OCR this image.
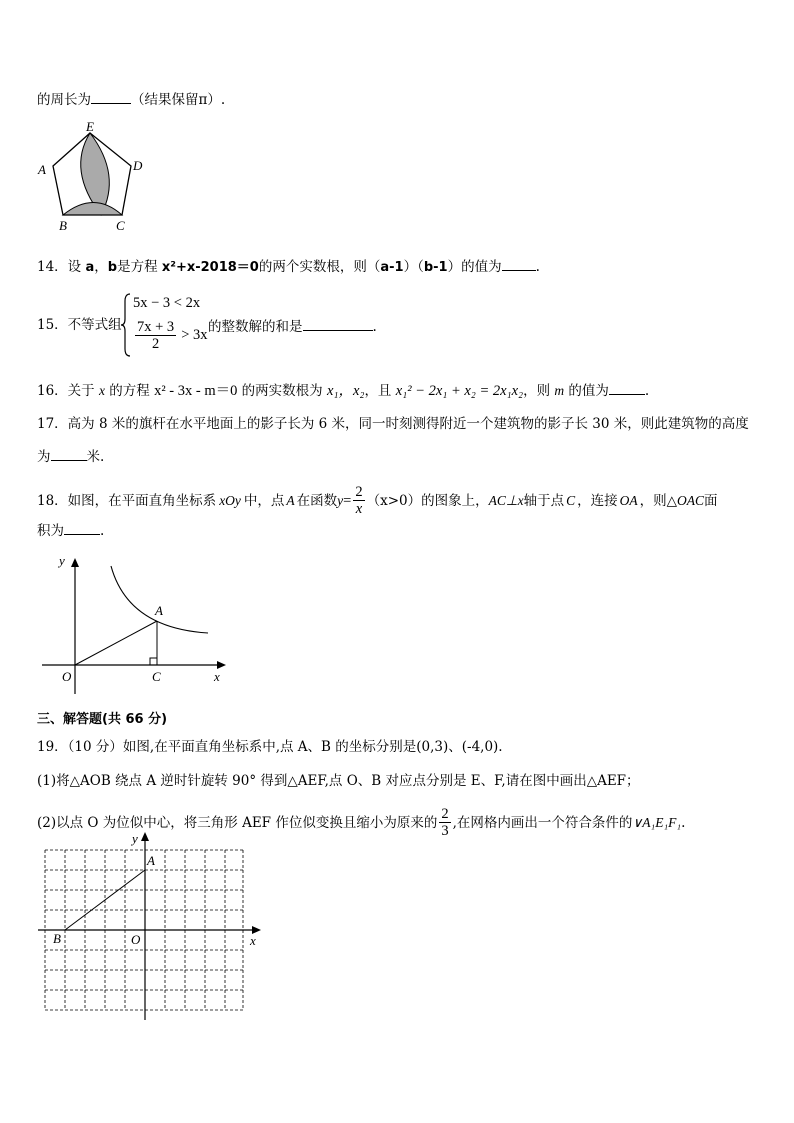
的周长为	（结果保留π）.
E
D
A
B	C
14．设 a，b是方程 x²+x-2018＝0的两个实数根，则（a-1）（b-1）的值为	.
15．不等式组
5x − 3 < 2x
$\frac{7x + 3}{2} > 3x$ 的整数解的和是	.
16．关于 x 的方程 x² - 3x - m＝0 的两实数根为 x₁，x₂，且 x₁² − 2x₁ + x₂ = 2x₁x₂，则 m 的值为	.
17．高为 8 米的旗杆在水平地面上的影子长为 6 米，同一时刻测得附近一个建筑物的影子长 30 米，则此建筑物的高度
为	米.
18．如图，在平面直角坐标系 xOy 中，点 A 在函数 $y = \frac{2}{x} (x>0)$ 的图象上， AC⊥x 轴于点 C ，连接 OA ，则△ OAC 面
积为	.
y
A
O	C	x
三、解答题(共 66 分)
19．（10 分）如图,在平面直角坐标系中,点 A、B 的坐标分别是(0,3)、(-4,0).
(1)将△AOB 绕点 A 逆时针旋转 90° 得到△AEF,点 O、B 对应点分别是 E、F,请在图中画出△AEF；
(2)以点 O 为位似中心，将三角形 AEF 作位似变换且缩小为原来的 $\frac{2}{3}$ ,在网格内画出一个符合条件的 ∨A₁E₁F₁ .
y
A
B	O	x
